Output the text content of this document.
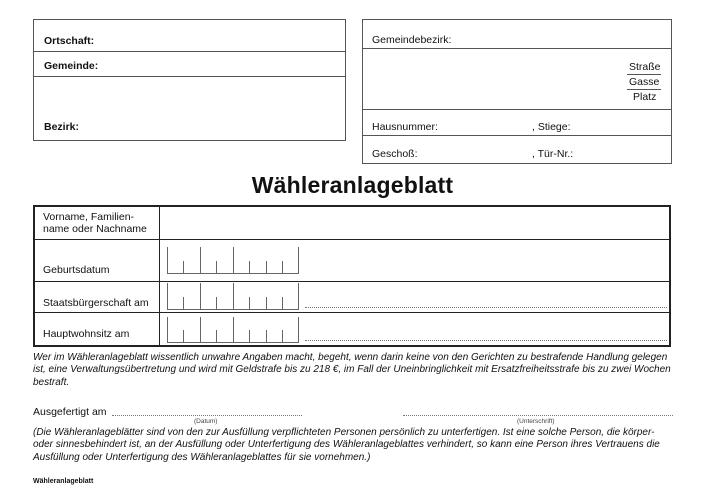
Ortschaft:
Gemeinde:
Bezirk:
Gemeindebezirk:
Straße
Gasse
Platz
Hausnummer:	, Stiege:
Geschoß:	, Tür-Nr.:
Wähleranlageblatt
Vorname, Familien-
name oder Nachname
Geburtsdatum
Staatsbürgerschaft am
Hauptwohnsitz am
Wer im Wähleranlageblatt wissentlich unwahre Angaben macht, begeht, wenn darin keine von den Gerichten zu bestrafende Handlung gelegen ist, eine Verwaltungsübertretung und wird mit Geldstrafe bis zu 218 €, im Fall der Uneinbringlichkeit mit Ersatzfreiheitsstrafe bis zu zwei Wochen bestraft.
Ausgefertigt am
(Datum)	(Unterschrift)
(Die Wähleranlageblätter sind von den zur Ausfüllung verpflichteten Personen persönlich zu unterfertigen. Ist eine solche Person, die körper- oder sinnesbehindert ist, an der Ausfüllung oder Unterfertigung des Wähleranlageblattes verhindert, so kann eine Person ihres Vertrauens die Ausfüllung oder Unterfertigung des Wähleranlageblattes für sie vornehmen.)
Wähleranlageblatt
